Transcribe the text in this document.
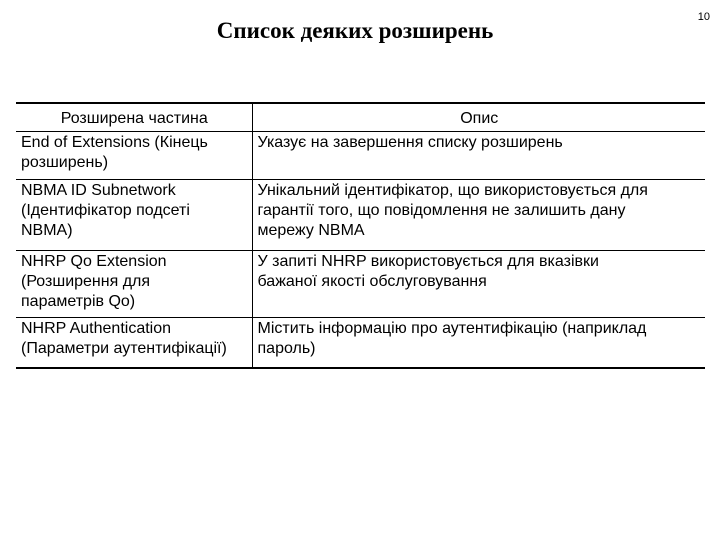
10
Список деяких розширень
Розширена частина	Опис

End of Extensions (Кінець
розширень)	Указує на завершення списку розширень

NBMA ID Subnetwork
(Ідентифікатор подсеті
NBMA)	Унікальний ідентифікатор, що використовується для
гарантії того, що повідомлення не залишить дану
мережу NBMA

NHRP Qo Extension
(Розширення для
параметрів Qo)	У запиті NHRP використовується для вказівки
бажаної якості обслуговування

NHRP Authentication
(Параметри аутентифікації)	Містить інформацію про аутентифікацію (наприклад
пароль)
